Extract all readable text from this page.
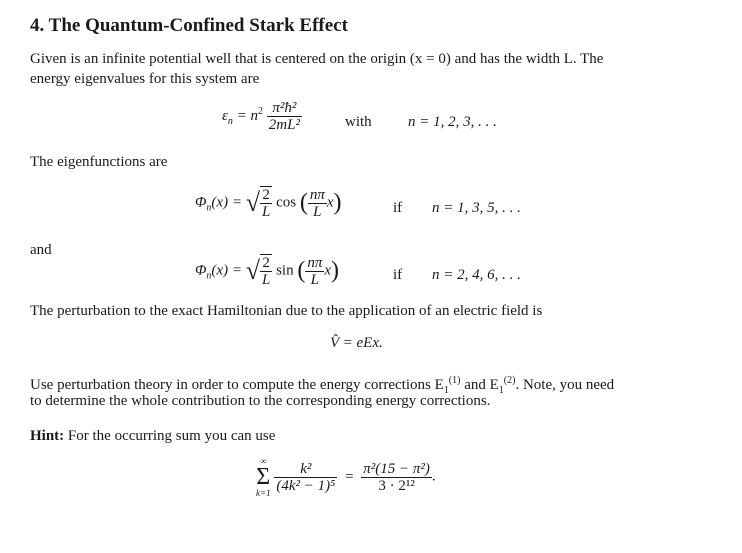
4. The Quantum-Confined Stark Effect
Given is an infinite potential well that is centered on the origin (x = 0) and has the width L. The
energy eigenvalues for this system are
$\varepsilon_n = n^2 \frac{\text{π²ħ²}}{\text{2mL²}}$	with n = 1, 2, 3, . . .
The eigenfunctions are
$\Phi_n(x)$ = √ $\frac{2}{L}$ cos ( $\frac{n\pi}{L} x$)	if n = 1, 3, 5, . . .
and
$\Phi_n(x)$ = √ $\frac{2}{L}$ sin ( $\frac{n\pi}{L} x$)	if n = 2, 4, 6, . . .
The perturbation to the exact Hamiltonian due to the application of an electric field is
V̂ = eEx.
Use perturbation theory in order to compute the energy corrections $E_1^{(1)}$ and $E_1^{(2)}$. Note, you need
to determine the whole contribution to the corresponding energy corrections.
Hint: For the occurring sum you can use
∞
Σ
k=1
$\frac{\text{k²}}{\text{(4k² − 1)⁵}} = \frac{\text{π²(15 − π²)}}{\text{3 · 2¹²}}$ .
